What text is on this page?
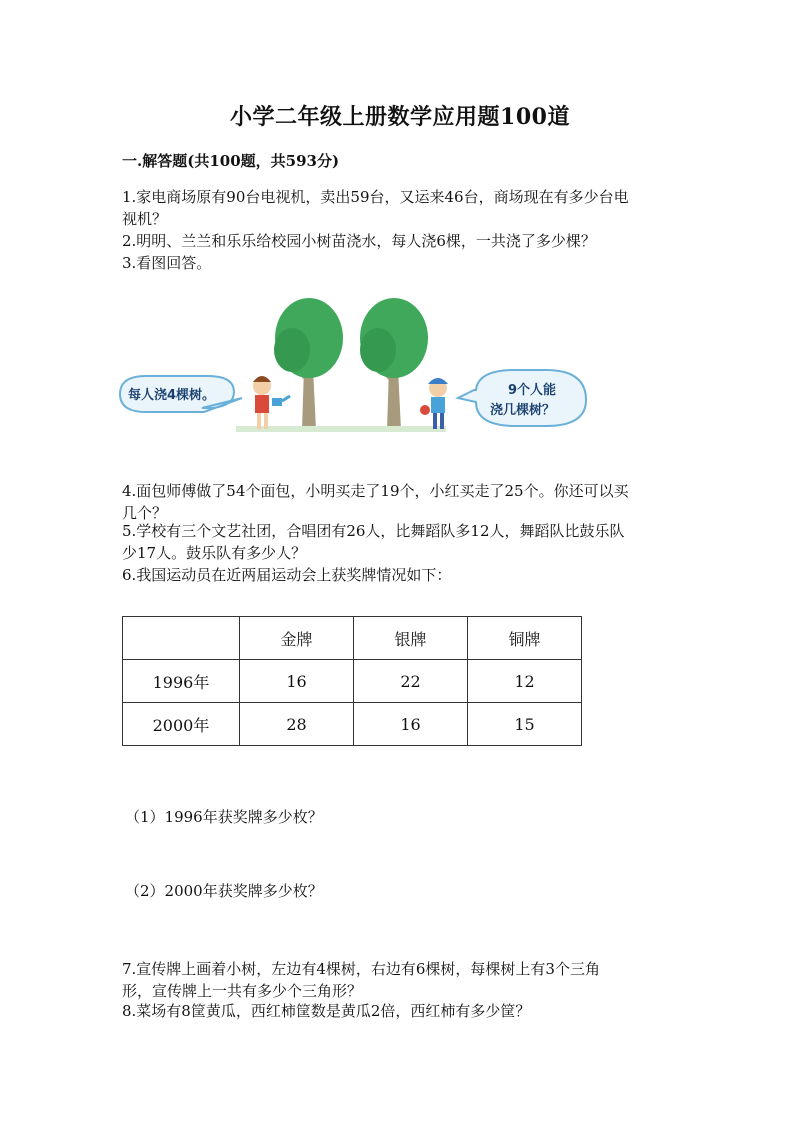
小学二年级上册数学应用题100道
一.解答题(共100题，共593分)
1.家电商场原有90台电视机，卖出59台，又运来46台，商场现在有多少台电
视机？
2.明明、兰兰和乐乐给校园小树苗浇水，每人浇6棵，一共浇了多少棵？
3.看图回答。
每人浇4棵树。	9个人能
浇几棵树？
4.面包师傅做了54个面包，小明买走了19个，小红买走了25个。你还可以买
几个？
5.学校有三个文艺社团，合唱团有26人，比舞蹈队多12人，舞蹈队比鼓乐队
少17人。鼓乐队有多少人？
6.我国运动员在近两届运动会上获奖牌情况如下：
	金牌	银牌	铜牌
1996年	16	22	12
2000年	28	16	15
（1）1996年获奖牌多少枚？
（2）2000年获奖牌多少枚？
7.宣传牌上画着小树，左边有4棵树，右边有6棵树，每棵树上有3个三角
形，宣传牌上一共有多少个三角形？
8.菜场有8筐黄瓜，西红柿筐数是黄瓜2倍，西红柿有多少筐？
